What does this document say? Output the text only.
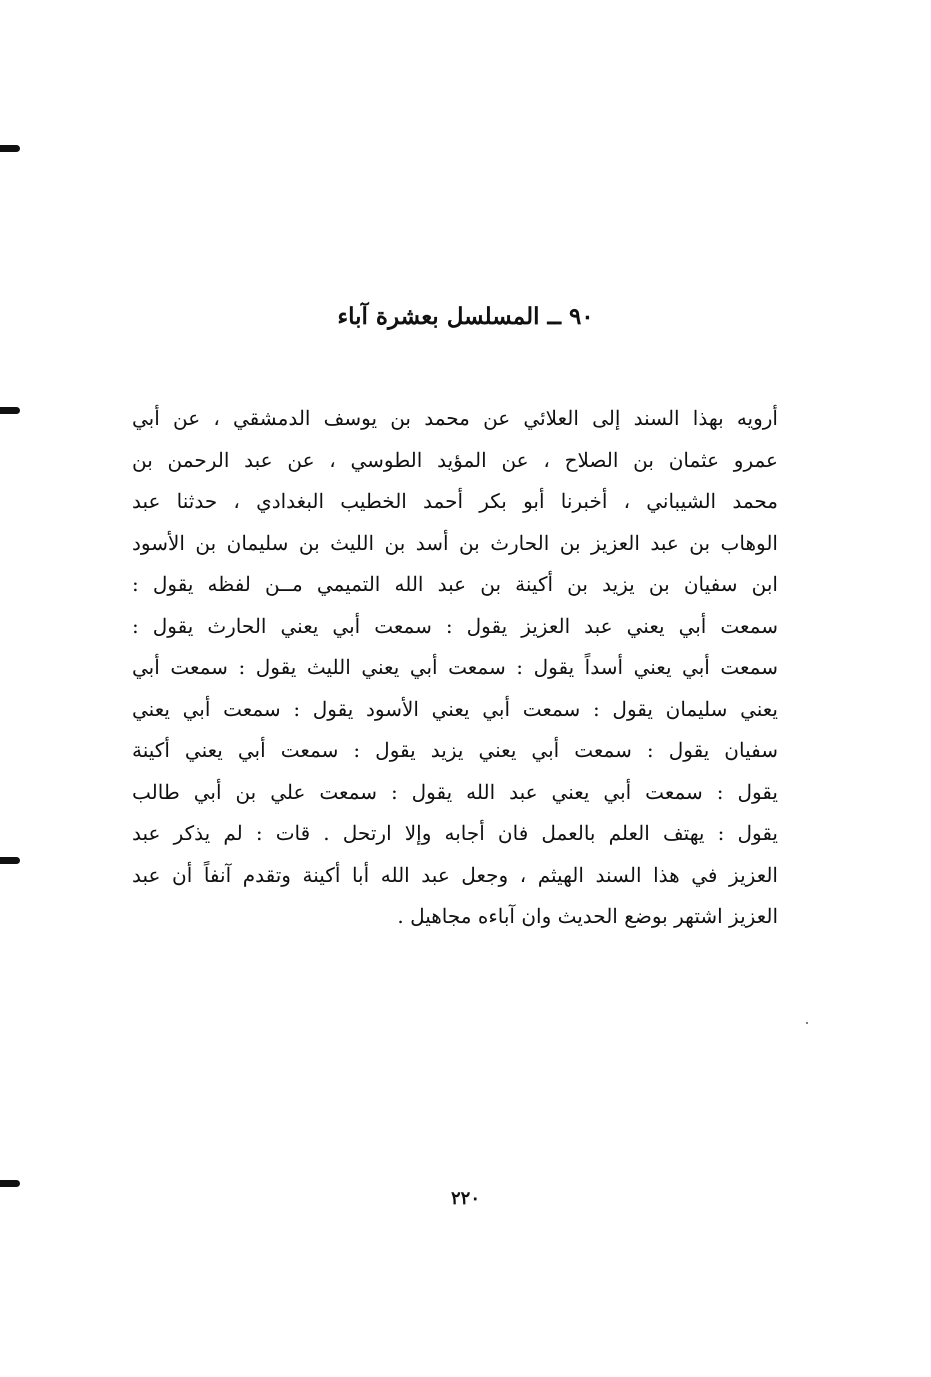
٩٠ ــ المسلسل بعشرة آباء
أرويه بهذا السند إلى العلائي عن محمد بن يوسف الدمشقي ، عن أبي
عمرو عثمان بن الصلاح ، عن المؤيد الطوسي ، عن عبد الرحمن بن
محمد الشيباني ، أخبرنا أبو بكر أحمد الخطيب البغدادي ، حدثنا عبد
الوهاب بن عبد العزيز بن الحارث بن أسد بن الليث بن سليمان بن الأسود
ابن سفيان بن يزيد بن أكينة بن عبد الله التميمي مــن لفظه يقول :
سمعت أبي يعني عبد العزيز يقول : سمعت أبي يعني الحارث يقول :
سمعت أبي يعني أسداً يقول : سمعت أبي يعني الليث يقول : سمعت أبي
يعني سليمان يقول : سمعت أبي يعني الأسود يقول : سمعت أبي يعني
سفيان يقول : سمعت أبي يعني يزيد يقول : سمعت أبي يعني أكينة
يقول : سمعت أبي يعني عبد الله يقول : سمعت علي بن أبي طالب
يقول : يهتف العلم بالعمل فان أجابه وإلا ارتحل . قات : لم يذكر عبد
العزيز في هذا السند الهيثم ، وجعل عبد الله أبا أكينة وتقدم آنفاً أن عبد
العزيز اشتهر بوضع الحديث وان آباءه مجاهيل .
٢٢٠
